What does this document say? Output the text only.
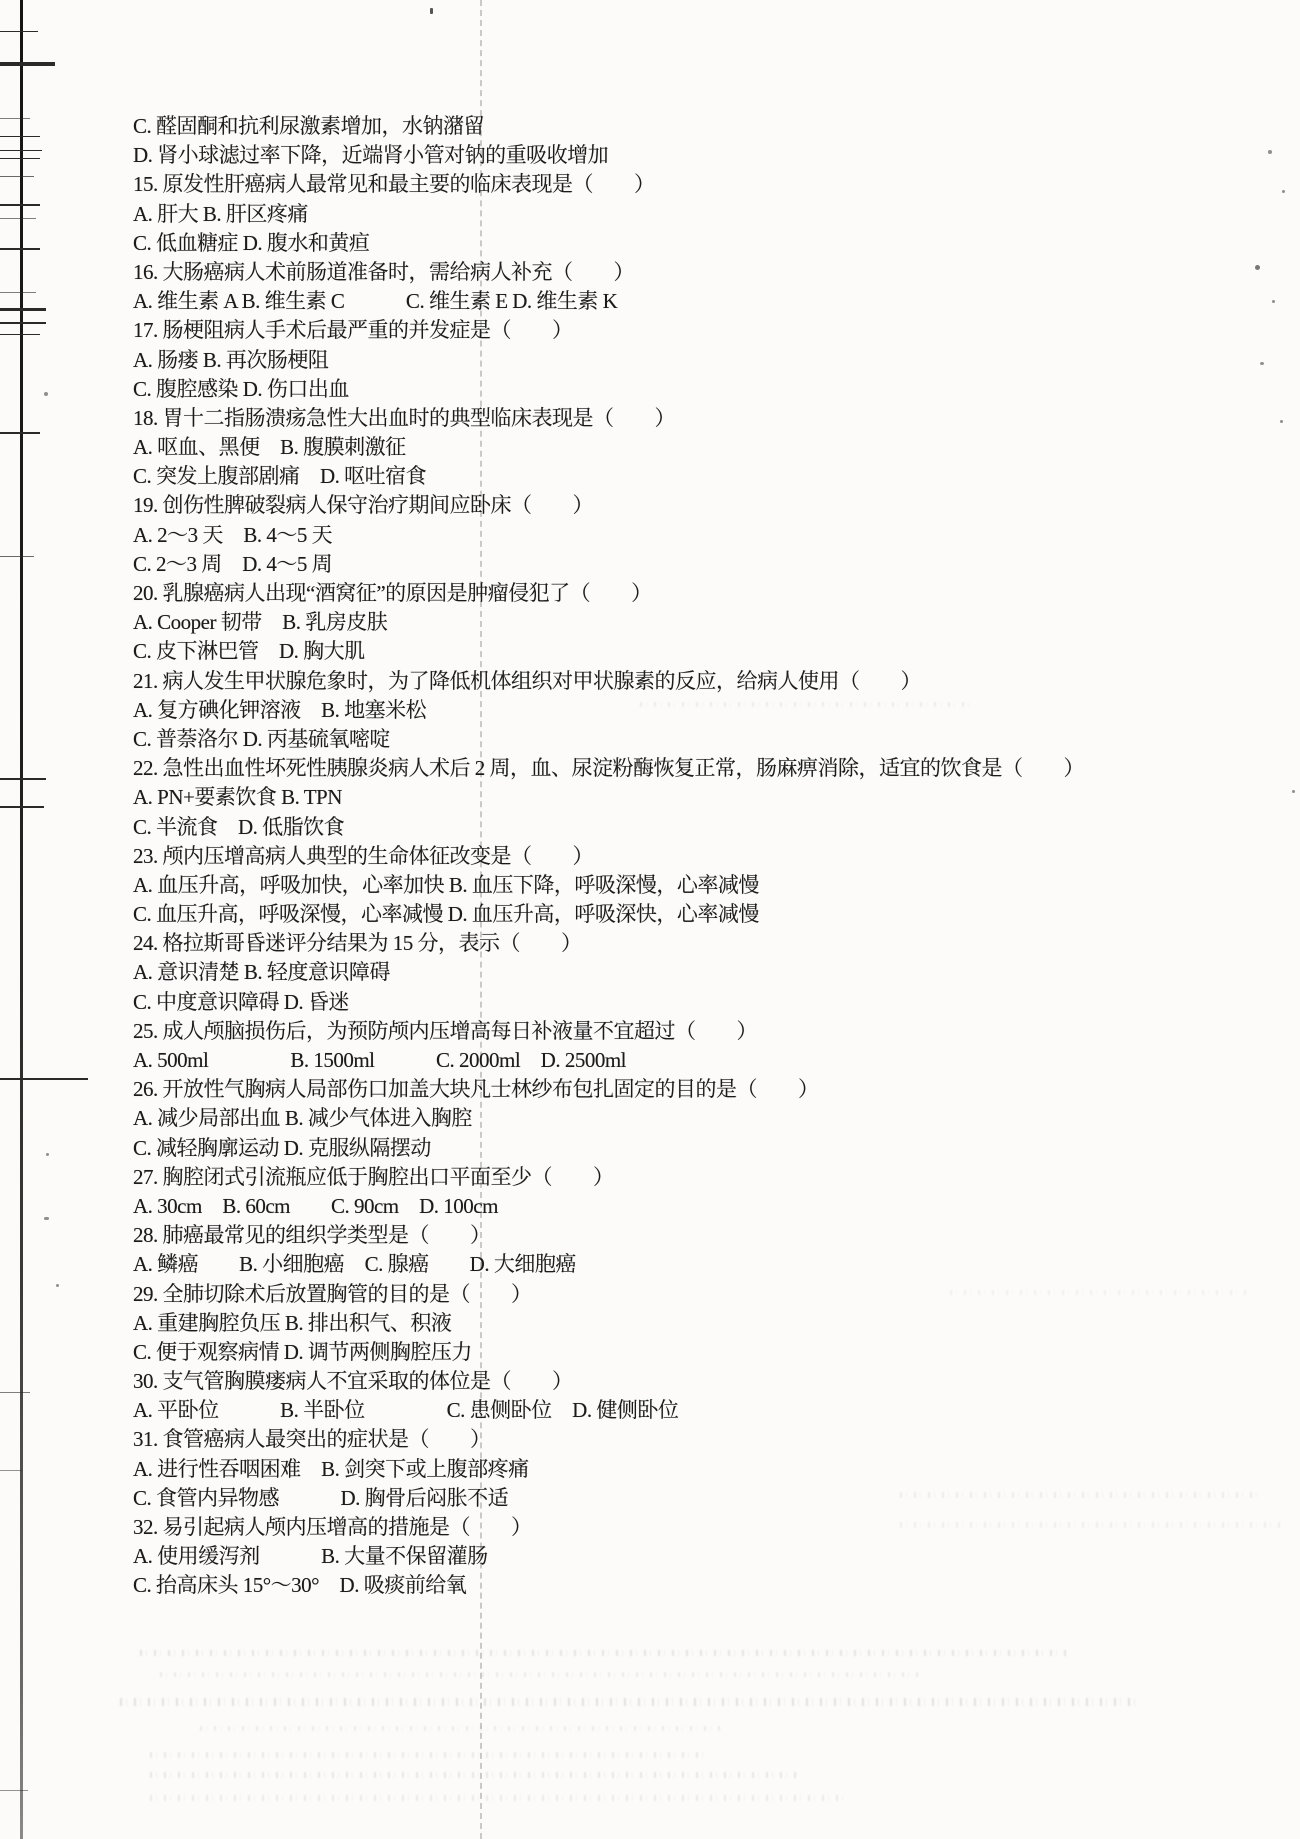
C. 醛固酮和抗利尿激素增加，水钠潴留
D. 肾小球滤过率下降，近端肾小管对钠的重吸收增加
15. 原发性肝癌病人最常见和最主要的临床表现是（　　）
A. 肝大 B. 肝区疼痛
C. 低血糖症 D. 腹水和黄疸
16. 大肠癌病人术前肠道准备时，需给病人补充（　　）
A. 维生素 A B. 维生素 C　　　C. 维生素 E D. 维生素 K
17. 肠梗阻病人手术后最严重的并发症是（　　）
A. 肠瘘 B. 再次肠梗阻
C. 腹腔感染 D. 伤口出血
18. 胃十二指肠溃疡急性大出血时的典型临床表现是（　　）
A. 呕血、黑便　B. 腹膜刺激征
C. 突发上腹部剧痛　D. 呕吐宿食
19. 创伤性脾破裂病人保守治疗期间应卧床（　　）
A. 2～3 天　B. 4～5 天
C. 2～3 周　D. 4～5 周
20. 乳腺癌病人出现“酒窝征”的原因是肿瘤侵犯了（　　）
A. Cooper 韧带　B. 乳房皮肤
C. 皮下淋巴管　D. 胸大肌
21. 病人发生甲状腺危象时，为了降低机体组织对甲状腺素的反应，给病人使用（　　）
A. 复方碘化钾溶液　B. 地塞米松
C. 普萘洛尔 D. 丙基硫氧嘧啶
22. 急性出血性坏死性胰腺炎病人术后 2 周，血、尿淀粉酶恢复正常，肠麻痹消除，适宜的饮食是（　　）
A. PN+要素饮食 B. TPN
C. 半流食　D. 低脂饮食
23. 颅内压增高病人典型的生命体征改变是（　　）
A. 血压升高，呼吸加快，心率加快 B. 血压下降，呼吸深慢，心率减慢
C. 血压升高，呼吸深慢，心率减慢 D. 血压升高，呼吸深快，心率减慢
24. 格拉斯哥昏迷评分结果为 15 分，表示（　　）
A. 意识清楚 B. 轻度意识障碍
C. 中度意识障碍 D. 昏迷
25. 成人颅脑损伤后，为预防颅内压增高每日补液量不宜超过（　　）
A. 500ml　　　　B. 1500ml　　　C. 2000ml　D. 2500ml
26. 开放性气胸病人局部伤口加盖大块凡士林纱布包扎固定的目的是（　　）
A. 减少局部出血 B. 减少气体进入胸腔
C. 减轻胸廓运动 D. 克服纵隔摆动
27. 胸腔闭式引流瓶应低于胸腔出口平面至少（　　）
A. 30cm　B. 60cm　　C. 90cm　D. 100cm
28. 肺癌最常见的组织学类型是（　　）
A. 鳞癌　　B. 小细胞癌　C. 腺癌　　D. 大细胞癌
29. 全肺切除术后放置胸管的目的是（　　）
A. 重建胸腔负压 B. 排出积气、积液
C. 便于观察病情 D. 调节两侧胸腔压力
30. 支气管胸膜瘘病人不宜采取的体位是（　　）
A. 平卧位　　　B. 半卧位　　　　C. 患侧卧位　D. 健侧卧位
31. 食管癌病人最突出的症状是（　　）
A. 进行性吞咽困难　B. 剑突下或上腹部疼痛
C. 食管内异物感　　　D. 胸骨后闷胀不适
32. 易引起病人颅内压增高的措施是（　　）
A. 使用缓泻剂　　　B. 大量不保留灌肠
C. 抬高床头 15°～30°　D. 吸痰前给氧
